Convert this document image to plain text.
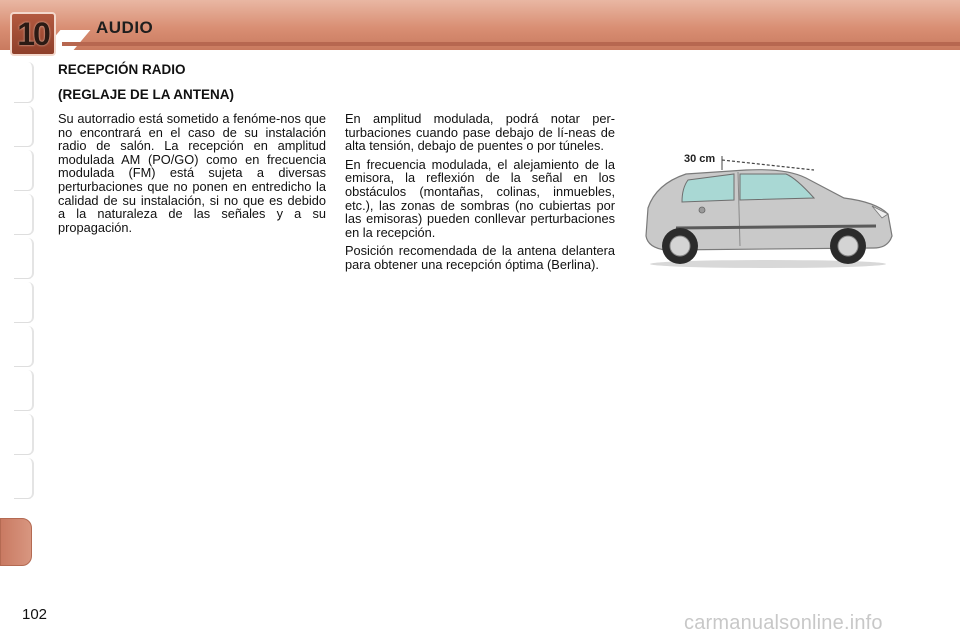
10	AUDIO
RECEPCIÓN RADIO
(REGLAJE DE LA ANTENA)

Su autorradio está sometido a fenóme-nos que no encontrará en el caso de su instalación radio de salón. La recepción en amplitud modulada AM (PO/GO) como en frecuencia modulada (FM) está sujeta a diversas perturbaciones que no ponen en entredicho la calidad de su instalación, si no que es debido a la naturaleza de las señales y a su propagación.

En amplitud modulada, podrá notar per-turbaciones cuando pase debajo de lí-neas de alta tensión, debajo de puentes o por túneles.

En frecuencia modulada, el alejamiento de la emisora, la reflexión de la señal en los obstáculos (montañas, colinas, inmuebles, etc.), las zonas de sombras (no cubiertas por las emisoras) pueden conllevar perturbaciones en la recepción.

Posición recomendada de la antena delantera para obtener una recepción óptima (Berlina).

30 cm
102	carmanualsonline.info
